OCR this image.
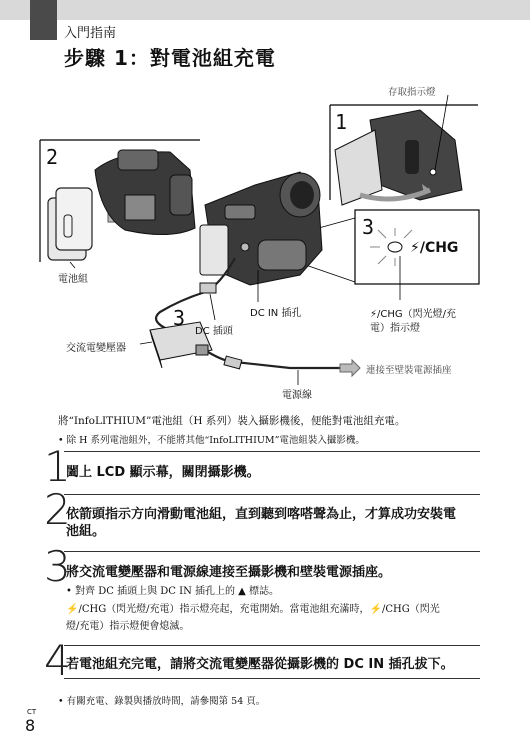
入門指南
步驟 1：對電池組充電
存取指示燈
1
2
3
⚡/CHG
電池組
3	DC IN 插孔
DC 插頭
⚡/CHG（閃光燈/充
電）指示燈
交流電變壓器
連接至壁裝電源插座
電源線
將“InfoLITHIUM”電池組（H 系列）裝入攝影機後，便能對電池組充電。
• 除 H 系列電池組外，不能將其他“InfoLITHIUM”電池組裝入攝影機。
1
闔上 LCD 顯示幕，關閉攝影機。
2
依箭頭指示方向滑動電池組，直到聽到喀嗒聲為止，才算成功安裝電
池組。
3
將交流電變壓器和電源線連接至攝影機和壁裝電源插座。
• 對齊 DC 插頭上與 DC IN 插孔上的 ▲ 標誌。
⚡/CHG（閃光燈/充電）指示燈亮起，充電開始。當電池組充滿時，⚡/CHG（閃光
燈/充電）指示燈便會熄滅。
4
若電池組充完電，請將交流電變壓器從攝影機的 DC IN 插孔拔下。
• 有關充電、錄製與播放時間，請參閱第 54 頁。
CT
8
